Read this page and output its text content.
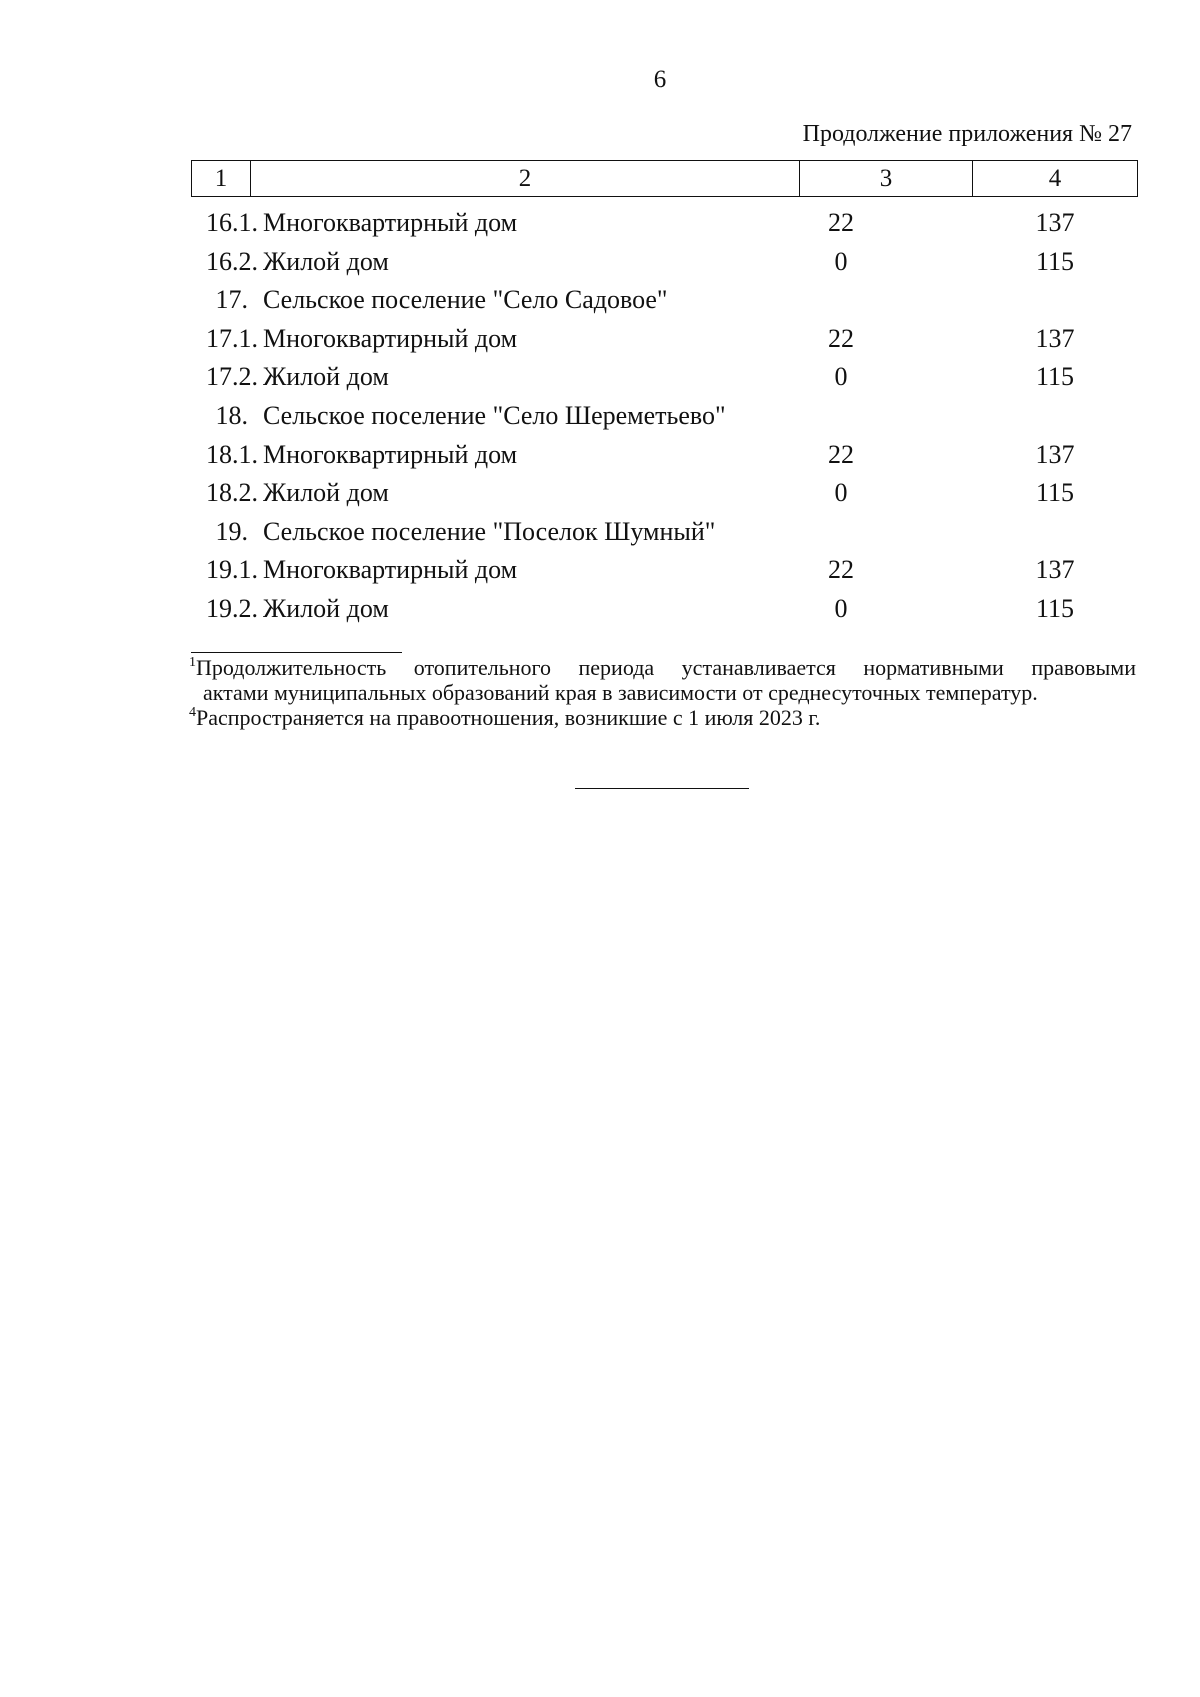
6
Продолжение приложения № 27
1	2	3	4
16.1. Многоквартирный дом	22	137
16.2. Жилой дом	0	115
17. Сельское поселение "Село Садовое"
17.1. Многоквартирный дом	22	137
17.2. Жилой дом	0	115
18. Сельское поселение "Село Шереметьево"
18.1. Многоквартирный дом	22	137
18.2. Жилой дом	0	115
19. Сельское поселение "Поселок Шумный"
19.1. Многоквартирный дом	22	137
19.2. Жилой дом	0	115

$^1$Продолжительность отопительного периода устанавливается нормативными правовыми

актами муниципальных образований края в зависимости от среднесуточных температур.

$^4$Распространяется на правоотношения, возникшие с 1 июля 2023 г.
